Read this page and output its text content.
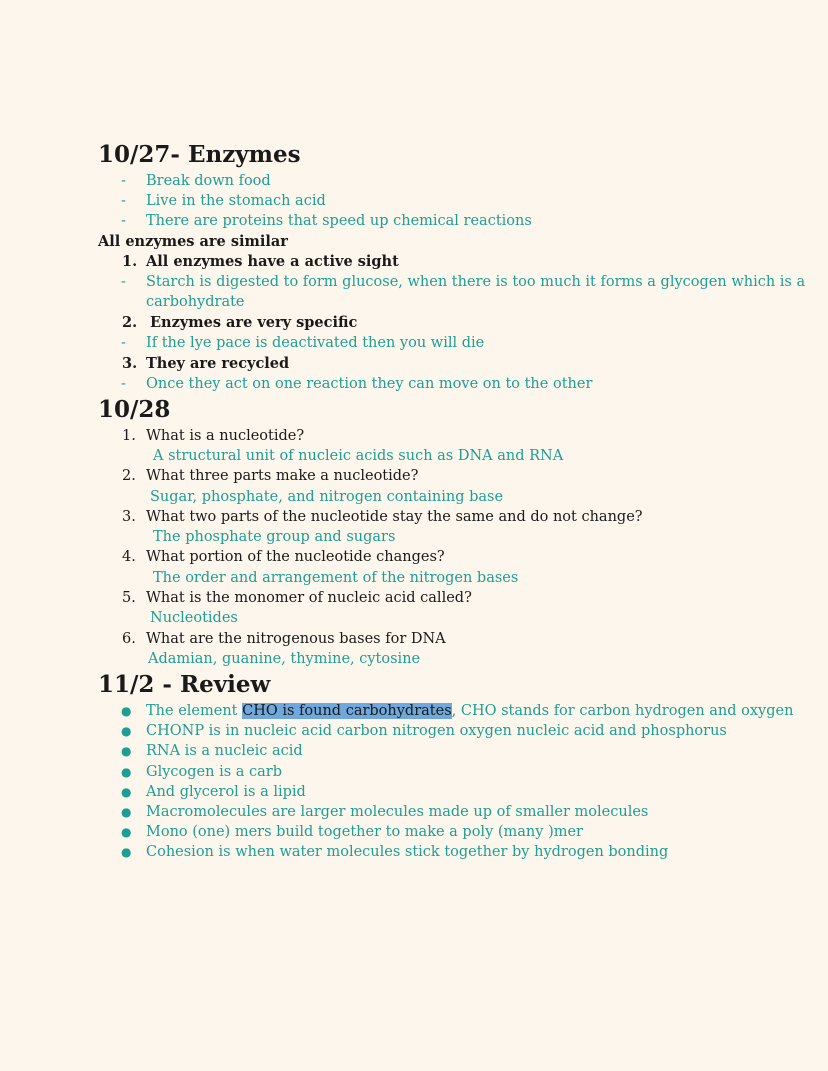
10/27- Enzymes
- Break down food
- Live in the stomach acid
- There are proteins that speed up chemical reactions
All enzymes are similar
1. All enzymes have a active sight
- Starch is digested to form glucose, when there is too much it forms a glycogen which is a
carbohydrate
2. Enzymes are very specific
- If the lye pace is deactivated then you will die
3. They are recycled
- Once they act on one reaction they can move on to the other
10/28
1. What is a nucleotide?
A structural unit of nucleic acids such as DNA and RNA
2. What three parts make a nucleotide?
Sugar, phosphate, and nitrogen containing base
3. What two parts of the nucleotide stay the same and do not change?
The phosphate group and sugars
4. What portion of the nucleotide changes?
The order and arrangement of the nitrogen bases
5. What is the monomer of nucleic acid called?
Nucleotides
6. What are the nitrogenous bases for DNA
Adamian, guanine, thymine, cytosine
11/2 - Review
● The element CHO is found carbohydrates, CHO stands for carbon hydrogen and oxygen
● CHONP is in nucleic acid carbon nitrogen oxygen nucleic acid and phosphorus
● RNA is a nucleic acid
● Glycogen is a carb
● And glycerol is a lipid
● Macromolecules are larger molecules made up of smaller molecules
● Mono (one) mers build together to make a poly (many )mer
● Cohesion is when water molecules stick together by hydrogen bonding
